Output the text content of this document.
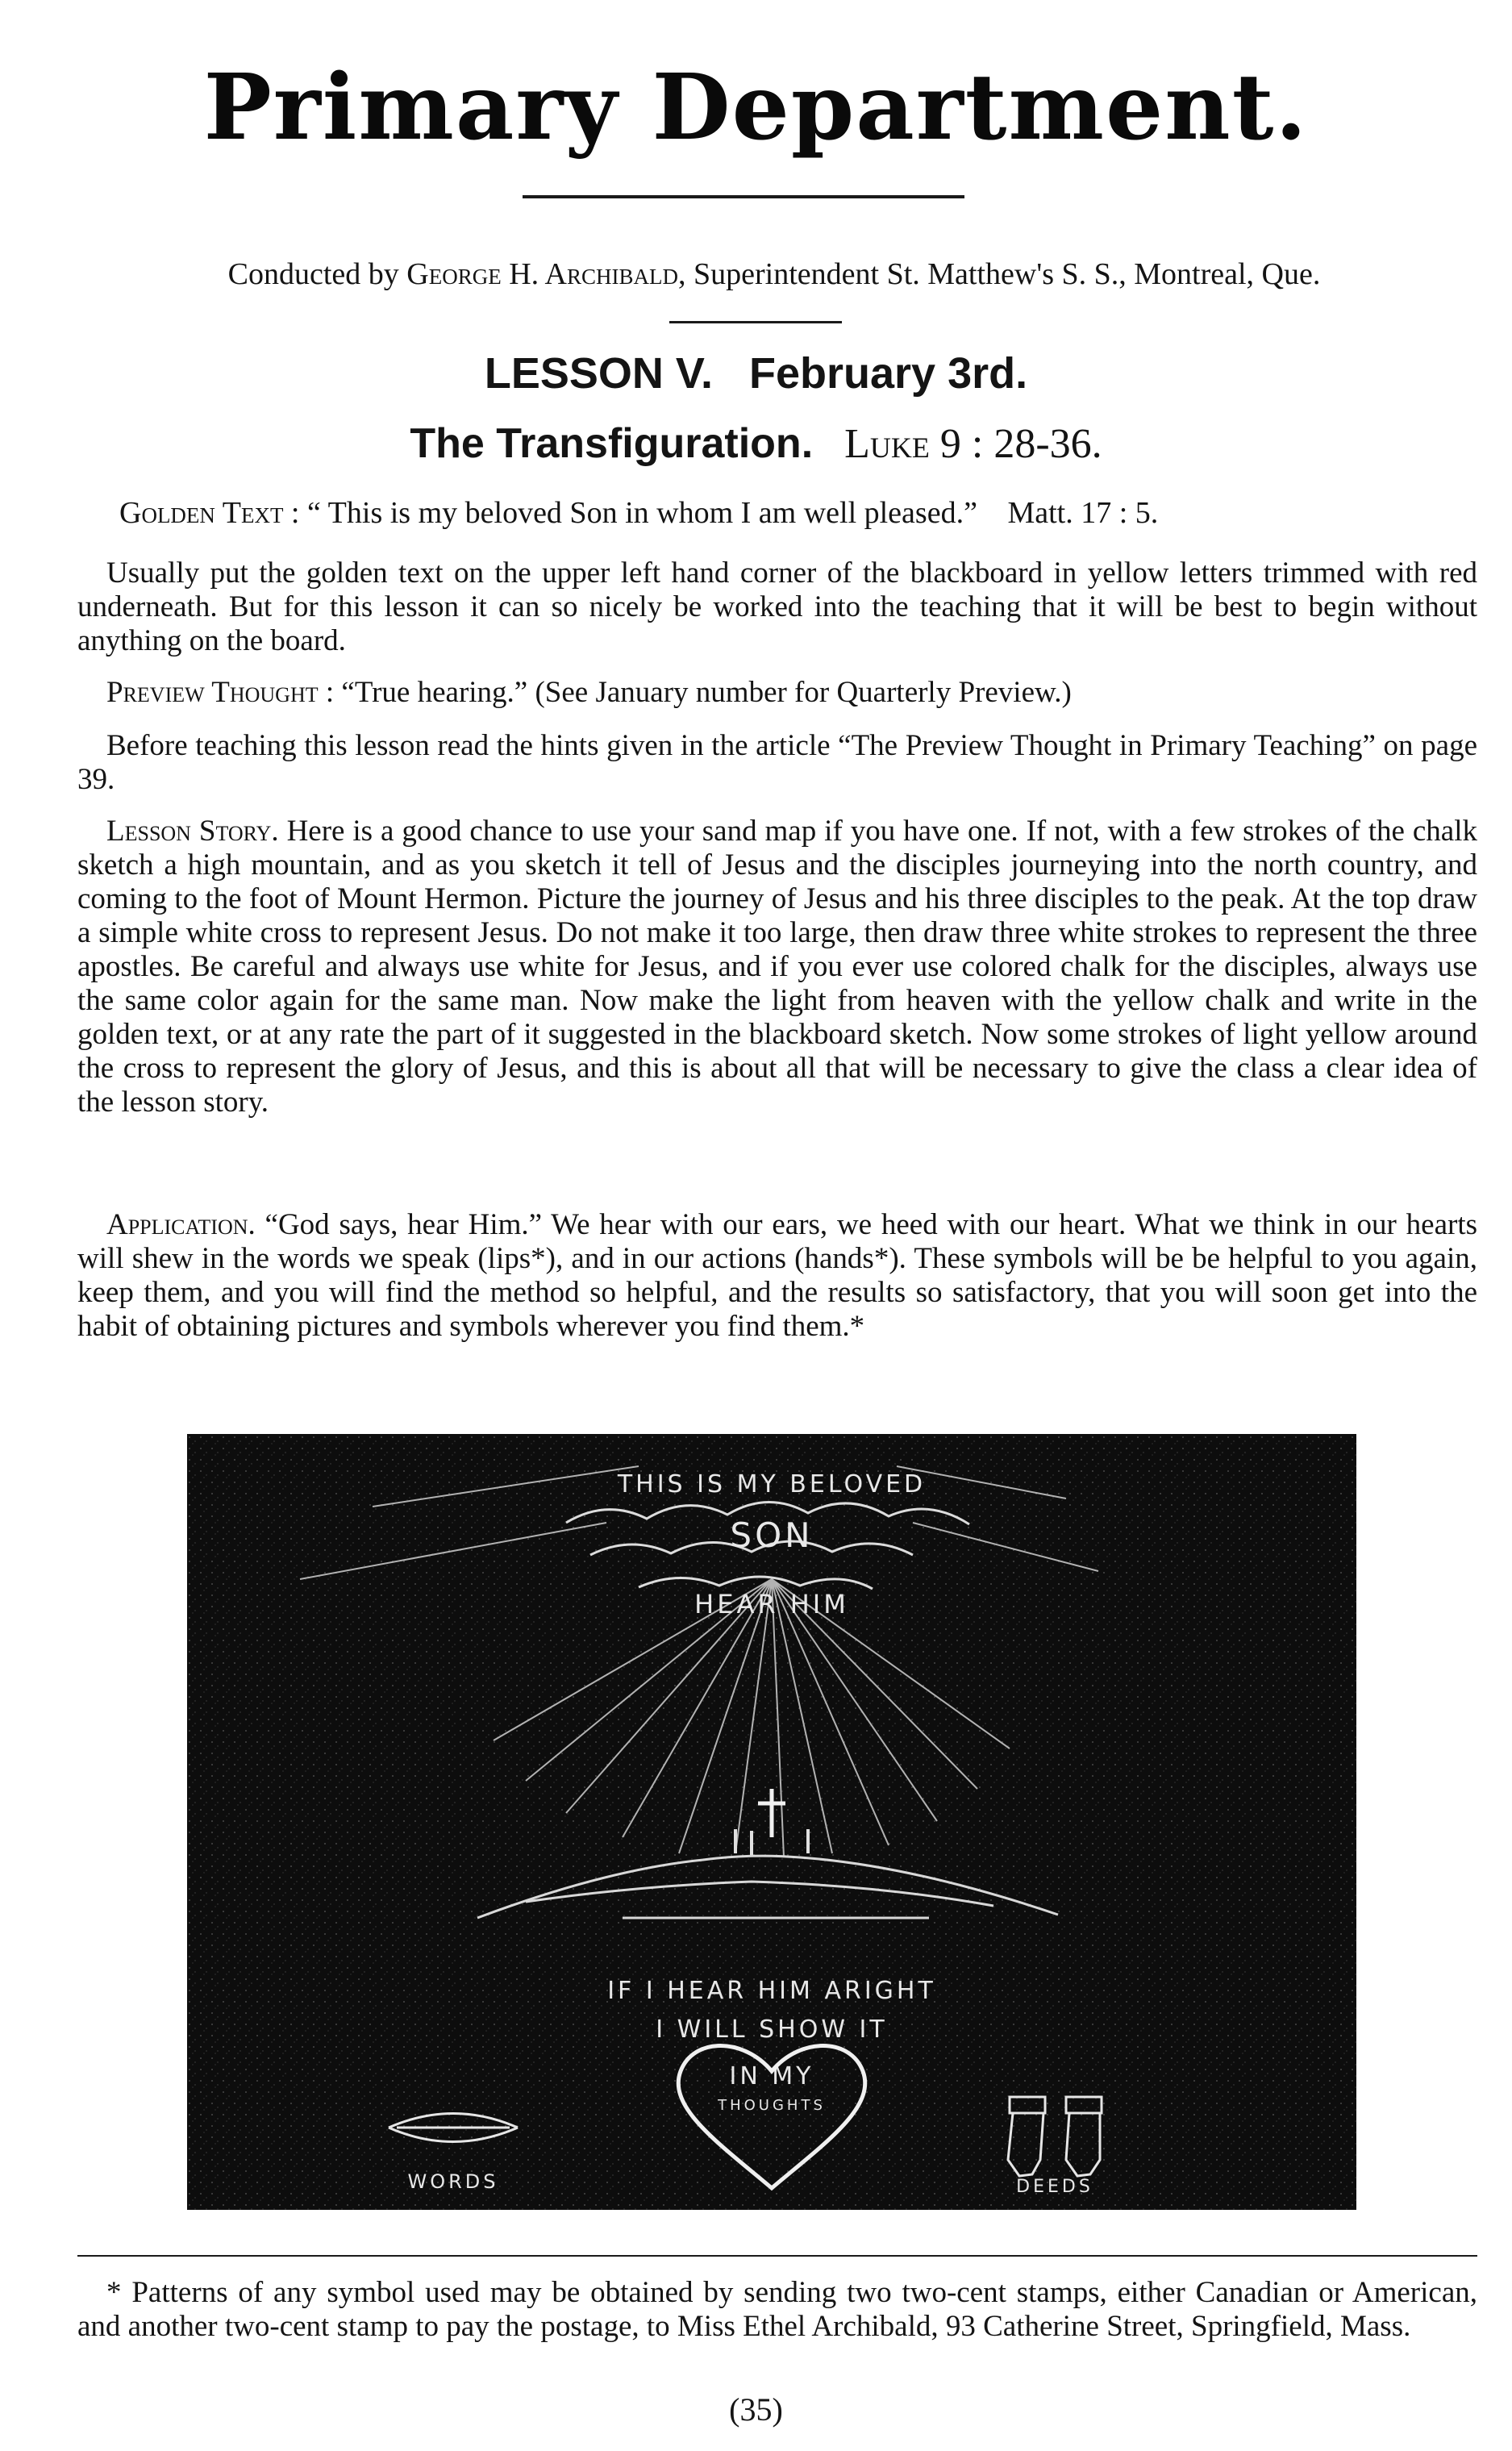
Primary Department.
Conducted by George H. Archibald, Superintendent St. Matthew's S. S., Montreal, Que.
LESSON V. February 3rd.
The Transfiguration. Luke 9 : 28-36.
Golden Text : “ This is my beloved Son in whom I am well pleased.” Matt. 17 : 5.

Usually put the golden text on the upper left hand corner of the blackboard in yellow letters trimmed with red underneath. But for this lesson it can so nicely be worked into the teaching that it will be best to begin without anything on the board.

Preview Thought : “True hearing.” (See January number for Quarterly Preview.)

Before teaching this lesson read the hints given in the article “The Preview Thought in Primary Teaching” on page 39.

Lesson Story. Here is a good chance to use your sand map if you have one. If not, with a few strokes of the chalk sketch a high mountain, and as you sketch it tell of Jesus and the disciples journeying into the north country, and coming to the foot of Mount Hermon. Picture the journey of Jesus and his three disciples to the peak. At the top draw a simple white cross to represent Jesus. Do not make it too large, then draw three white strokes to represent the three apostles. Be careful and always use white for Jesus, and if you ever use colored chalk for the disciples, always use the same color again for the same man. Now make the light from heaven with the yellow chalk and write in the golden text, or at any rate the part of it suggested in the blackboard sketch. Now some strokes of light yellow around the cross to represent the glory of Jesus, and this is about all that will be necessary to give the class a clear idea of the lesson story.

Application. “God says, hear Him.” We hear with our ears, we heed with our heart. What we think in our hearts will shew in the words we speak (lips*), and in our actions (hands*). These symbols will be be helpful to you again, keep them, and you will find the method so helpful, and the results so satisfactory, that you will soon get into the habit of obtaining pictures and symbols wherever you find them.*

THIS IS MY BELOVED
SON
HEAR HIM
IF I HEAR HIM ARIGHT
I WILL SHOW IT
IN MY
WORDS
THOUGHTS
DEEDS

* Patterns of any symbol used may be obtained by sending two two-cent stamps, either Canadian or American, and another two-cent stamp to pay the postage, to Miss Ethel Archibald, 93 Catherine Street, Springfield, Mass.

(35)
